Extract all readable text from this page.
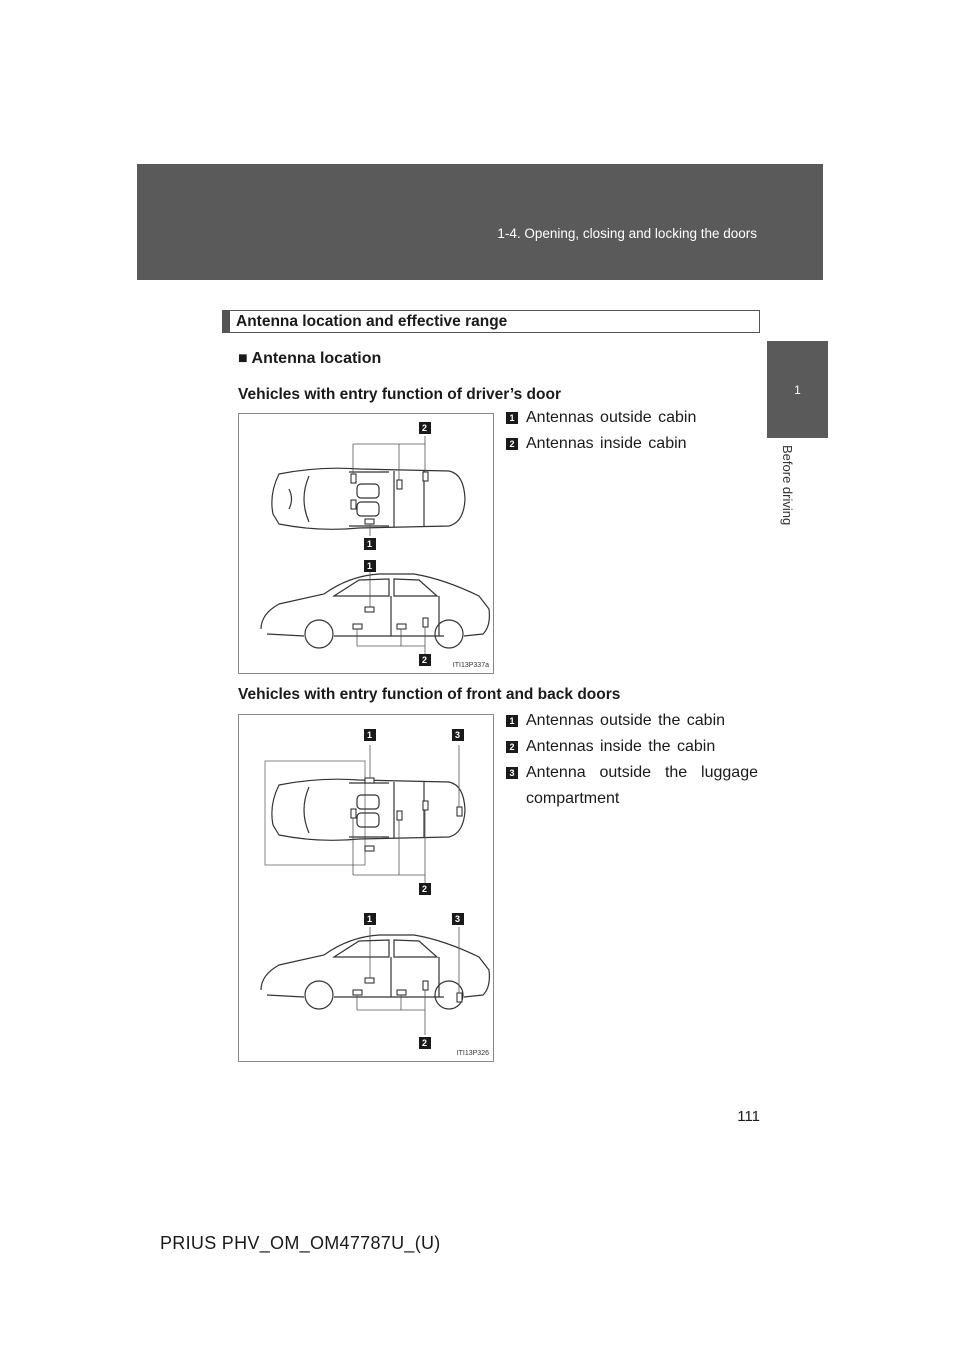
1-4. Opening, closing and locking the doors
1
Before driving
Antenna location and effective range
■ Antenna location
Vehicles with entry function of driver’s door
2
1
1
2
ITI13P337a
1 Antennas outside cabin
2 Antennas inside cabin
Vehicles with entry function of front and back doors
1	3
2
1	3
2
ITI13P326
1 Antennas outside the cabin
2 Antennas inside the cabin
3 Antenna outside the luggage compartment
111
PRIUS PHV_OM_OM47787U_(U)
